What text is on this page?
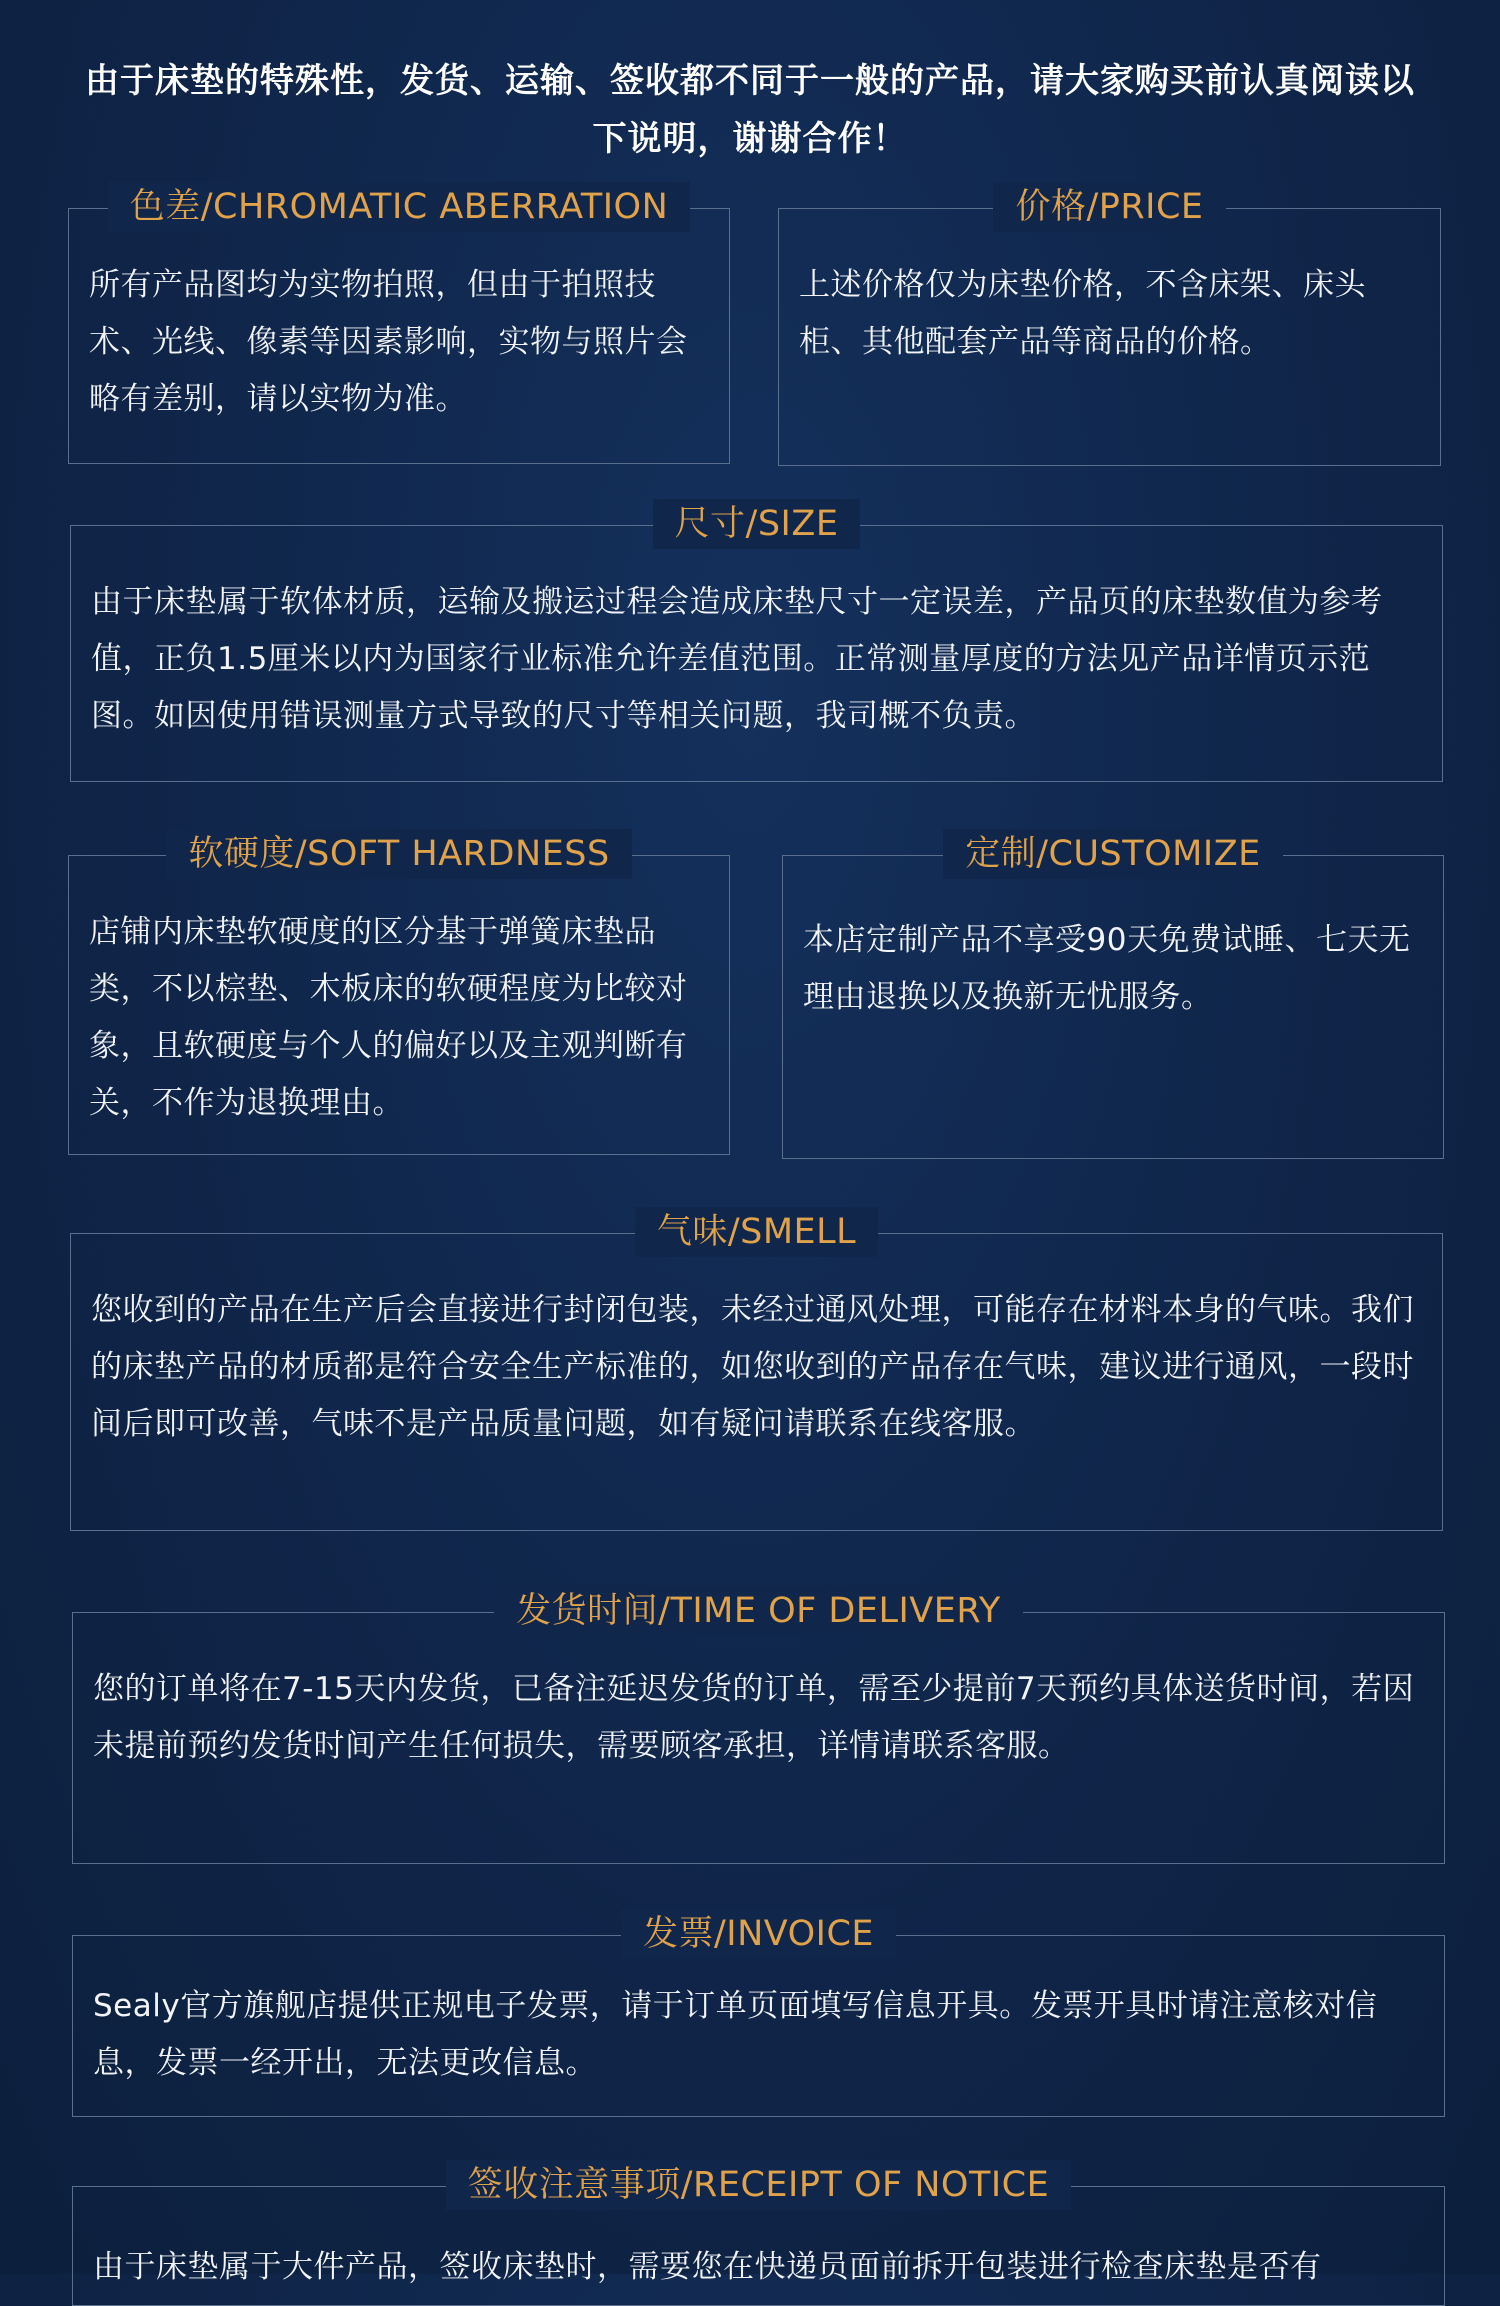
由于床垫的特殊性，发货、运输、签收都不同于一般的产品，请大家购买前认真阅读以下说明，谢谢合作！
色差/CHROMATIC ABERRATION
所有产品图均为实物拍照，但由于拍照技术、光线、像素等因素影响，实物与照片会略有差别，请以实物为准。
价格/PRICE
上述价格仅为床垫价格，不含床架、床头柜、其他配套产品等商品的价格。
尺寸/SIZE
由于床垫属于软体材质，运输及搬运过程会造成床垫尺寸一定误差，产品页的床垫数值为参考值，正负1.5厘米以内为国家行业标准允许差值范围。正常测量厚度的方法见产品详情页示范图。如因使用错误测量方式导致的尺寸等相关问题，我司概不负责。
软硬度/SOFT HARDNESS
店铺内床垫软硬度的区分基于弹簧床垫品类，不以棕垫、木板床的软硬程度为比较对象，且软硬度与个人的偏好以及主观判断有关，不作为退换理由。
定制/CUSTOMIZE
本店定制产品不享受90天免费试睡、七天无理由退换以及换新无忧服务。
气味/SMELL
您收到的产品在生产后会直接进行封闭包装，未经过通风处理，可能存在材料本身的气味。我们的床垫产品的材质都是符合安全生产标准的，如您收到的产品存在气味，建议进行通风，一段时间后即可改善，气味不是产品质量问题，如有疑问请联系在线客服。
发货时间/TIME OF DELIVERY
您的订单将在7-15天内发货，已备注延迟发货的订单，需至少提前7天预约具体送货时间，若因未提前预约发货时间产生任何损失，需要顾客承担，详情请联系客服。
发票/INVOICE
Sealy官方旗舰店提供正规电子发票，请于订单页面填写信息开具。发票开具时请注意核对信息，发票一经开出，无法更改信息。
签收注意事项/RECEIPT OF NOTICE
由于床垫属于大件产品，签收床垫时，需要您在快递员面前拆开包装进行检查床垫是否有
